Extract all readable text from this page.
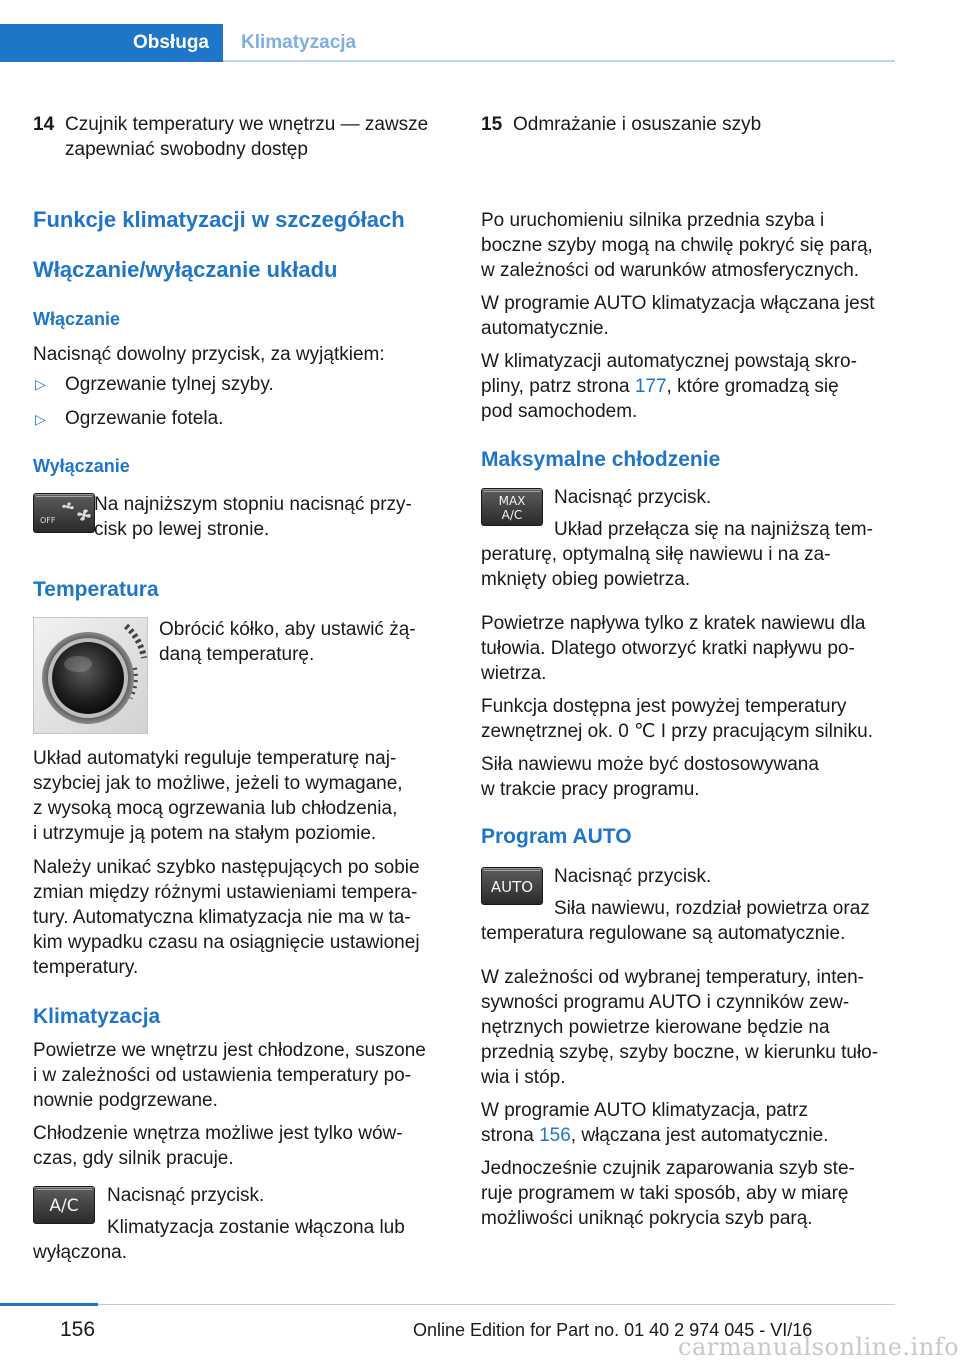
Obsługa Klimatyzacja
14 Czujnik temperatury we wnętrzu — zawsze
zapewniać swobodny dostęp
Funkcje klimatyzacji w szczegółach
Włączanie/wyłączanie układu
Włączanie
Nacisnąć dowolny przycisk, za wyjątkiem:
▷ Ogrzewanie tylnej szyby.
▷ Ogrzewanie fotela.
Wyłączanie
OFF
Na najniższym stopniu nacisnąć przy‐
cisk po lewej stronie.
Temperatura
Obrócić kółko, aby ustawić żą‐
daną temperaturę.
Układ automatyki reguluje temperaturę naj‐
szybciej jak to możliwe, jeżeli to wymagane,
z wysoką mocą ogrzewania lub chłodzenia,
i utrzymuje ją potem na stałym poziomie.
Należy unikać szybko następujących po sobie
zmian między różnymi ustawieniami tempera‐
tury. Automatyczna klimatyzacja nie ma w ta‐
kim wypadku czasu na osiągnięcie ustawionej
temperatury.
Klimatyzacja
Powietrze we wnętrzu jest chłodzone, suszone
i w zależności od ustawienia temperatury po‐
nownie podgrzewane.
Chłodzenie wnętrza możliwe jest tylko wów‐
czas, gdy silnik pracuje.
A/C	Nacisnąć przycisk.
Klimatyzacja zostanie włączona lub
wyłączona.
15 Odmrażanie i osuszanie szyb
Po uruchomieniu silnika przednia szyba i
boczne szyby mogą na chwilę pokryć się parą,
w zależności od warunków atmosferycznych.
W programie AUTO klimatyzacja włączana jest
automatycznie.
W klimatyzacji automatycznej powstają skro‐
pliny, patrz strona 177, które gromadzą się
pod samochodem.
Maksymalne chłodzenie
MAX
A/C
Nacisnąć przycisk.
Układ przełącza się na najniższą tem‐
peraturę, optymalną siłę nawiewu i na za‐
mknięty obieg powietrza.
Powietrze napływa tylko z kratek nawiewu dla
tułowia. Dlatego otworzyć kratki napływu po‐
wietrza.
Funkcja dostępna jest powyżej temperatury
zewnętrznej ok. 0 ℃ I przy pracującym silniku.
Siła nawiewu może być dostosowywana
w trakcie pracy programu.
Program AUTO
AUTO	Nacisnąć przycisk.
Siła nawiewu, rozdział powietrza oraz
temperatura regulowane są automatycznie.
W zależności od wybranej temperatury, inten‐
sywności programu AUTO i czynników zew‐
nętrznych powietrze kierowane będzie na
przednią szybę, szyby boczne, w kierunku tuło‐
wia i stóp.
W programie AUTO klimatyzacja, patrz
strona 156, włączana jest automatycznie.
Jednocześnie czujnik zaparowania szyb ste‐
ruje programem w taki sposób, aby w miarę
możliwości uniknąć pokrycia szyb parą.
156	Online Edition for Part no. 01 40 2 974 045 - VI/16
carmanualsonline.info
